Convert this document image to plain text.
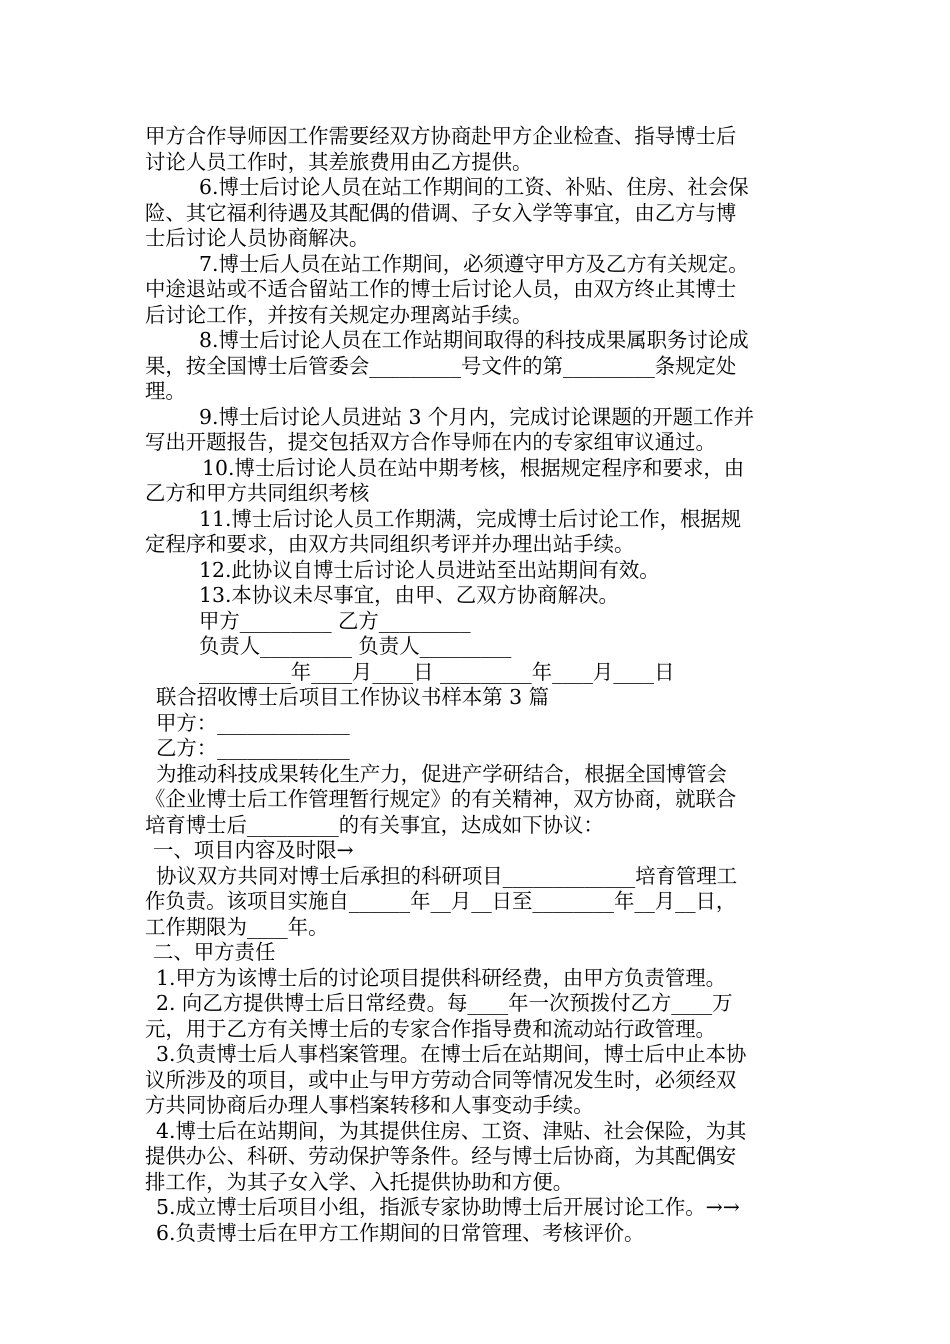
甲方合作导师因工作需要经双方协商赴甲方企业检查、指导博士后
讨论人员工作时，其差旅费用由乙方提供。
6.博士后讨论人员在站工作期间的工资、补贴、住房、社会保
险、其它福利待遇及其配偶的借调、子女入学等事宜，由乙方与博
士后讨论人员协商解决。
7.博士后人员在站工作期间，必须遵守甲方及乙方有关规定。
中途退站或不适合留站工作的博士后讨论人员，由双方终止其博士
后讨论工作，并按有关规定办理离站手续。
8.博士后讨论人员在工作站期间取得的科技成果属职务讨论成
果，按全国博士后管委会_________号文件的第_________条规定处
理。
9.博士后讨论人员进站 3 个月内，完成讨论课题的开题工作并
写出开题报告，提交包括双方合作导师在内的专家组审议通过。
10.博士后讨论人员在站中期考核，根据规定程序和要求，由
乙方和甲方共同组织考核
11.博士后讨论人员工作期满，完成博士后讨论工作，根据规
定程序和要求，由双方共同组织考评并办理出站手续。
12.此协议自博士后讨论人员进站至出站期间有效。
13.本协议未尽事宜，由甲、乙双方协商解决。
甲方_________ 乙方_________
负责人_________ 负责人_________
_________年____月____日 _________年____月____日
联合招收博士后项目工作协议书样本第 3 篇
甲方：_____________
乙方：_____________
为推动科技成果转化生产力，促进产学研结合，根据全国博管会
《企业博士后工作管理暂行规定》的有关精神，双方协商，就联合
培育博士后_________的有关事宜，达成如下协议：
一、项目内容及时限→
协议双方共同对博士后承担的科研项目_____________培育管理工
作负责。该项目实施自______年__月__日至________年__月__日，
工作期限为____年。
二、甲方责任
1.甲方为该博士后的讨论项目提供科研经费，由甲方负责管理。
2. 向乙方提供博士后日常经费。每____年一次预拨付乙方____万
元，用于乙方有关博士后的专家合作指导费和流动站行政管理。
3.负责博士后人事档案管理。在博士后在站期间，博士后中止本协
议所涉及的项目，或中止与甲方劳动合同等情况发生时，必须经双
方共同协商后办理人事档案转移和人事变动手续。
4.博士后在站期间，为其提供住房、工资、津贴、社会保险，为其
提供办公、科研、劳动保护等条件。经与博士后协商，为其配偶安
排工作，为其子女入学、入托提供协助和方便。
5.成立博士后项目小组，指派专家协助博士后开展讨论工作。→→
6.负责博士后在甲方工作期间的日常管理、考核评价。
